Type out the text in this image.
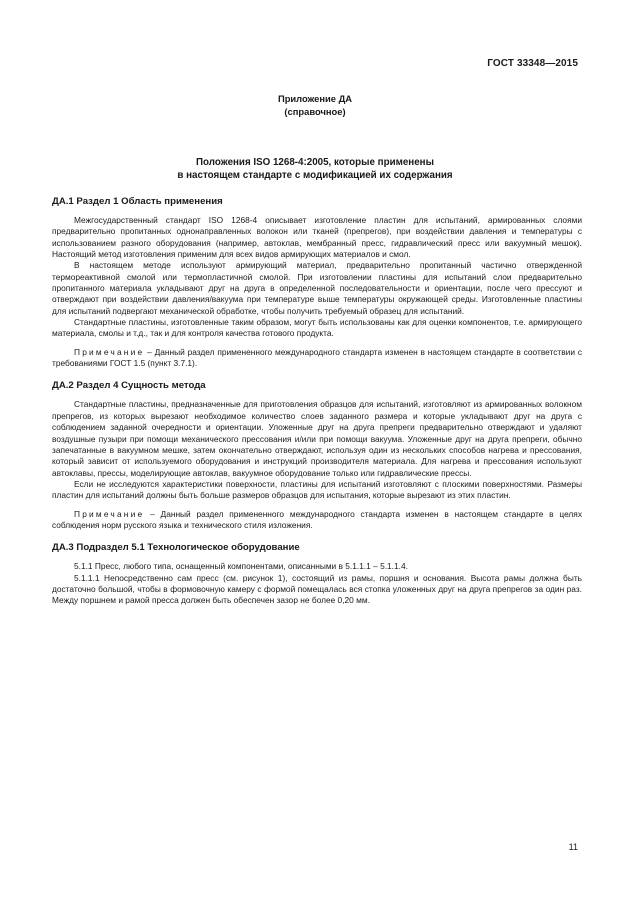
ГОСТ 33348—2015
Приложение ДА
(справочное)
Положения ISO 1268-4:2005, которые применены
в настоящем стандарте с модификацией их содержания
ДА.1 Раздел 1 Область применения

Межгосударственный стандарт ISO 1268-4 описывает изготовление пластин для испытаний, армированных слоями предварительно пропитанных однонаправленных волокон или тканей (препрегов), при воздействии давления и температуры с использованием разного оборудования (например, автоклав, мембранный пресс, гидравлический пресс или вакуумный мешок). Настоящий метод изготовления применим для всех видов армирующих материалов и смол.

В настоящем методе используют армирующий материал, предварительно пропитанный частично отвержденной термореактивной смолой или термопластичной смолой. При изготовлении пластины для испытаний слои предварительно пропитанного материала укладывают друг на друга в определенной последовательности и ориентации, после чего прессуют и отверждают при воздействии давления/вакуума при температуре выше температуры окружающей среды. Изготовленные пластины для испытаний подвергают механической обработке, чтобы получить требуемый образец для испытаний.

Стандартные пластины, изготовленные таким образом, могут быть использованы как для оценки компонентов, т.е. армирующего материала, смолы и т.д., так и для контроля качества готового продукта.

Примечание – Данный раздел примененного международного стандарта изменен в настоящем стандарте в соответствии с требованиями ГОСТ 1.5 (пункт 3.7.1).

ДА.2 Раздел 4 Сущность метода

Стандартные пластины, предназначенные для приготовления образцов для испытаний, изготовляют из армированных волокном препрегов, из которых вырезают необходимое количество слоев заданного размера и которые укладывают друг на друга с соблюдением заданной очередности и ориентации. Уложенные друг на друга препреги предварительно отверждают и удаляют воздушные пузыри при помощи механического прессования и/или при помощи вакуума. Уложенные друг на друга препреги, обычно запечатанные в вакуумном мешке, затем окончательно отверждают, используя один из нескольких способов нагрева и прессования, который зависит от используемого оборудования и инструкций производителя материала. Для нагрева и прессования используют автоклавы, прессы, моделирующие автоклав, вакуумное оборудование только или гидравлические прессы.

Если не исследуются характеристики поверхности, пластины для испытаний изготовляют с плоскими поверхностями. Размеры пластин для испытаний должны быть больше размеров образцов для испытания, которые вырезают из этих пластин.

Примечание – Данный раздел примененного международного стандарта изменен в настоящем стандарте в целях соблюдения норм русского языка и технического стиля изложения.

ДА.3 Подраздел 5.1 Технологическое оборудование

5.1.1 Пресс, любого типа, оснащенный компонентами, описанными в 5.1.1.1 – 5.1.1.4.

5.1.1.1 Непосредственно сам пресс (см. рисунок 1), состоящий из рамы, поршня и основания. Высота рамы должна быть достаточно большой, чтобы в формовочную камеру с формой помещалась вся стопка уложенных друг на друга препрегов за один раз. Между поршнем и рамой пресса должен быть обеспечен зазор не более 0,20 мм.

11
